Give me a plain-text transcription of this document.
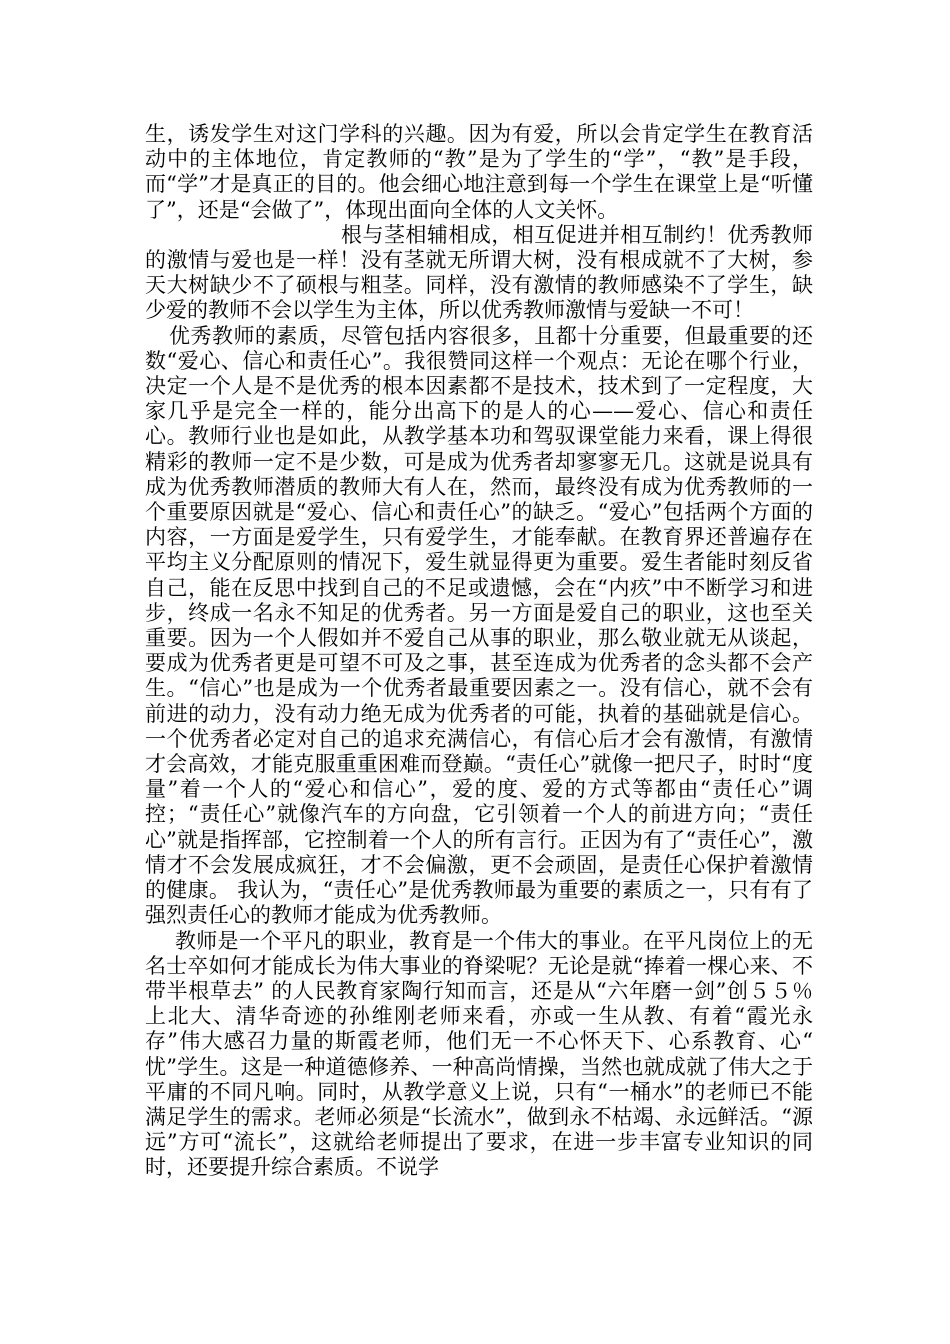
生，诱发学生对这门学科的兴趣。因为有爱，所以会肯定学生在教育活动中的主体地位，肯定教师的“教”是为了学生的“学”，“教”是手段，而“学”才是真正的目的。他会细心地注意到每一个学生在课堂上是“听懂了”，还是“会做了”，体现出面向全体的人文关怀。

根与茎相辅相成，相互促进并相互制约！优秀教师的激情与爱也是一样！没有茎就无所谓大树，没有根成就不了大树，参天大树缺少不了硕根与粗茎。同样，没有激情的教师感染不了学生，缺少爱的教师不会以学生为主体，所以优秀教师激情与爱缺一不可！

优秀教师的素质，尽管包括内容很多，且都十分重要，但最重要的还数“爱心、信心和责任心”。我很赞同这样一个观点：无论在哪个行业，决定一个人是不是优秀的根本因素都不是技术，技术到了一定程度，大家几乎是完全一样的，能分出高下的是人的心——爱心、信心和责任心。教师行业也是如此，从教学基本功和驾驭课堂能力来看，课上得很精彩的教师一定不是少数，可是成为优秀者却寥寥无几。这就是说具有成为优秀教师潜质的教师大有人在，然而，最终没有成为优秀教师的一个重要原因就是“爱心、信心和责任心”的缺乏。“爱心”包括两个方面的内容，一方面是爱学生，只有爱学生，才能奉献。在教育界还普遍存在平均主义分配原则的情况下，爱生就显得更为重要。爱生者能时刻反省自己，能在反思中找到自己的不足或遗憾，会在“内疚”中不断学习和进步，终成一名永不知足的优秀者。另一方面是爱自己的职业，这也至关重要。因为一个人假如并不爱自己从事的职业，那么敬业就无从谈起，要成为优秀者更是可望不可及之事，甚至连成为优秀者的念头都不会产生。“信心”也是成为一个优秀者最重要因素之一。没有信心，就不会有前进的动力，没有动力绝无成为优秀者的可能，执着的基础就是信心。一个优秀者必定对自己的追求充满信心，有信心后才会有激情，有激情才会高效，才能克服重重困难而登巅。“责任心”就像一把尺子，时时“度量”着一个人的“爱心和信心”，爱的度、爱的方式等都由“责任心”调控；“责任心”就像汽车的方向盘，它引领着一个人的前进方向；“责任心”就是指挥部，它控制着一个人的所有言行。正因为有了“责任心”，激情才不会发展成疯狂，才不会偏激，更不会顽固，是责任心保护着激情的健康。 我认为，“责任心”是优秀教师最为重要的素质之一，只有有了强烈责任心的教师才能成为优秀教师。

教师是一个平凡的职业，教育是一个伟大的事业。在平凡岗位上的无名士卒如何才能成长为伟大事业的脊梁呢？无论是就“捧着一棵心来、不带半根草去” 的人民教育家陶行知而言，还是从“六年磨一剑”创５５％上北大、清华奇迹的孙维刚老师来看，亦或一生从教、有着“霞光永存”伟大感召力量的斯霞老师，他们无一不心怀天下、心系教育、心“ 忧”学生。这是一种道德修养、一种高尚情操，当然也就成就了伟大之于平庸的不同凡响。同时，从教学意义上说，只有“一桶水”的老师已不能满足学生的需求。老师必须是“长流水”，做到永不枯竭、永远鲜活。“源远”方可“流长”，这就给老师提出了要求，在进一步丰富专业知识的同时，还要提升综合素质。不说学
